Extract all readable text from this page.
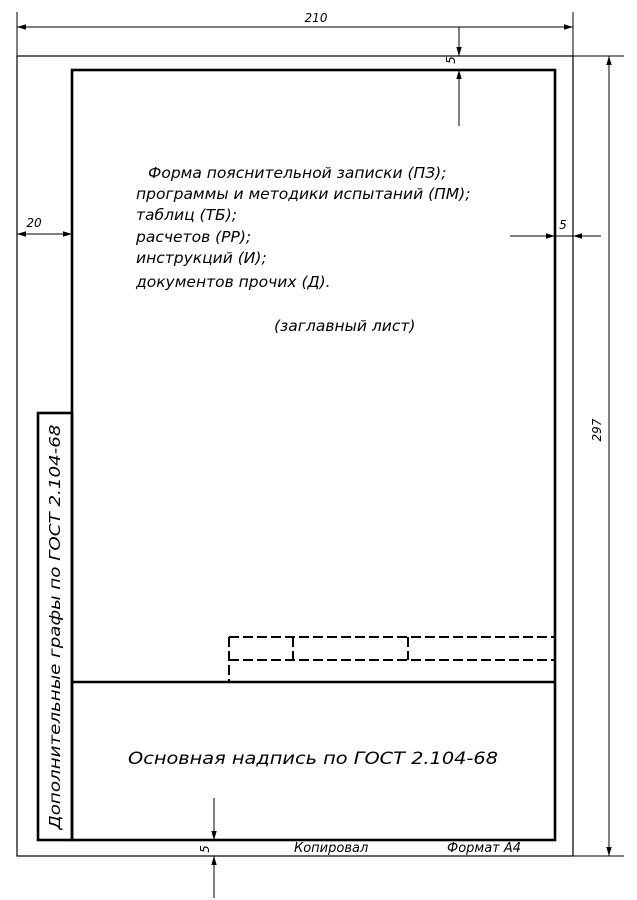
210
297
20
5
5
5
Форма пояснительной записки (ПЗ);
программы и методики испытаний (ПМ);
таблиц (ТБ);
расчетов (РР);
инструкций (И);
документов прочих (Д).
(заглавный лист)
Дополнительные графы по ГОСТ 2.104-68	Основная надпись по ГОСТ 2.104-68
Копировал	Формат А4
